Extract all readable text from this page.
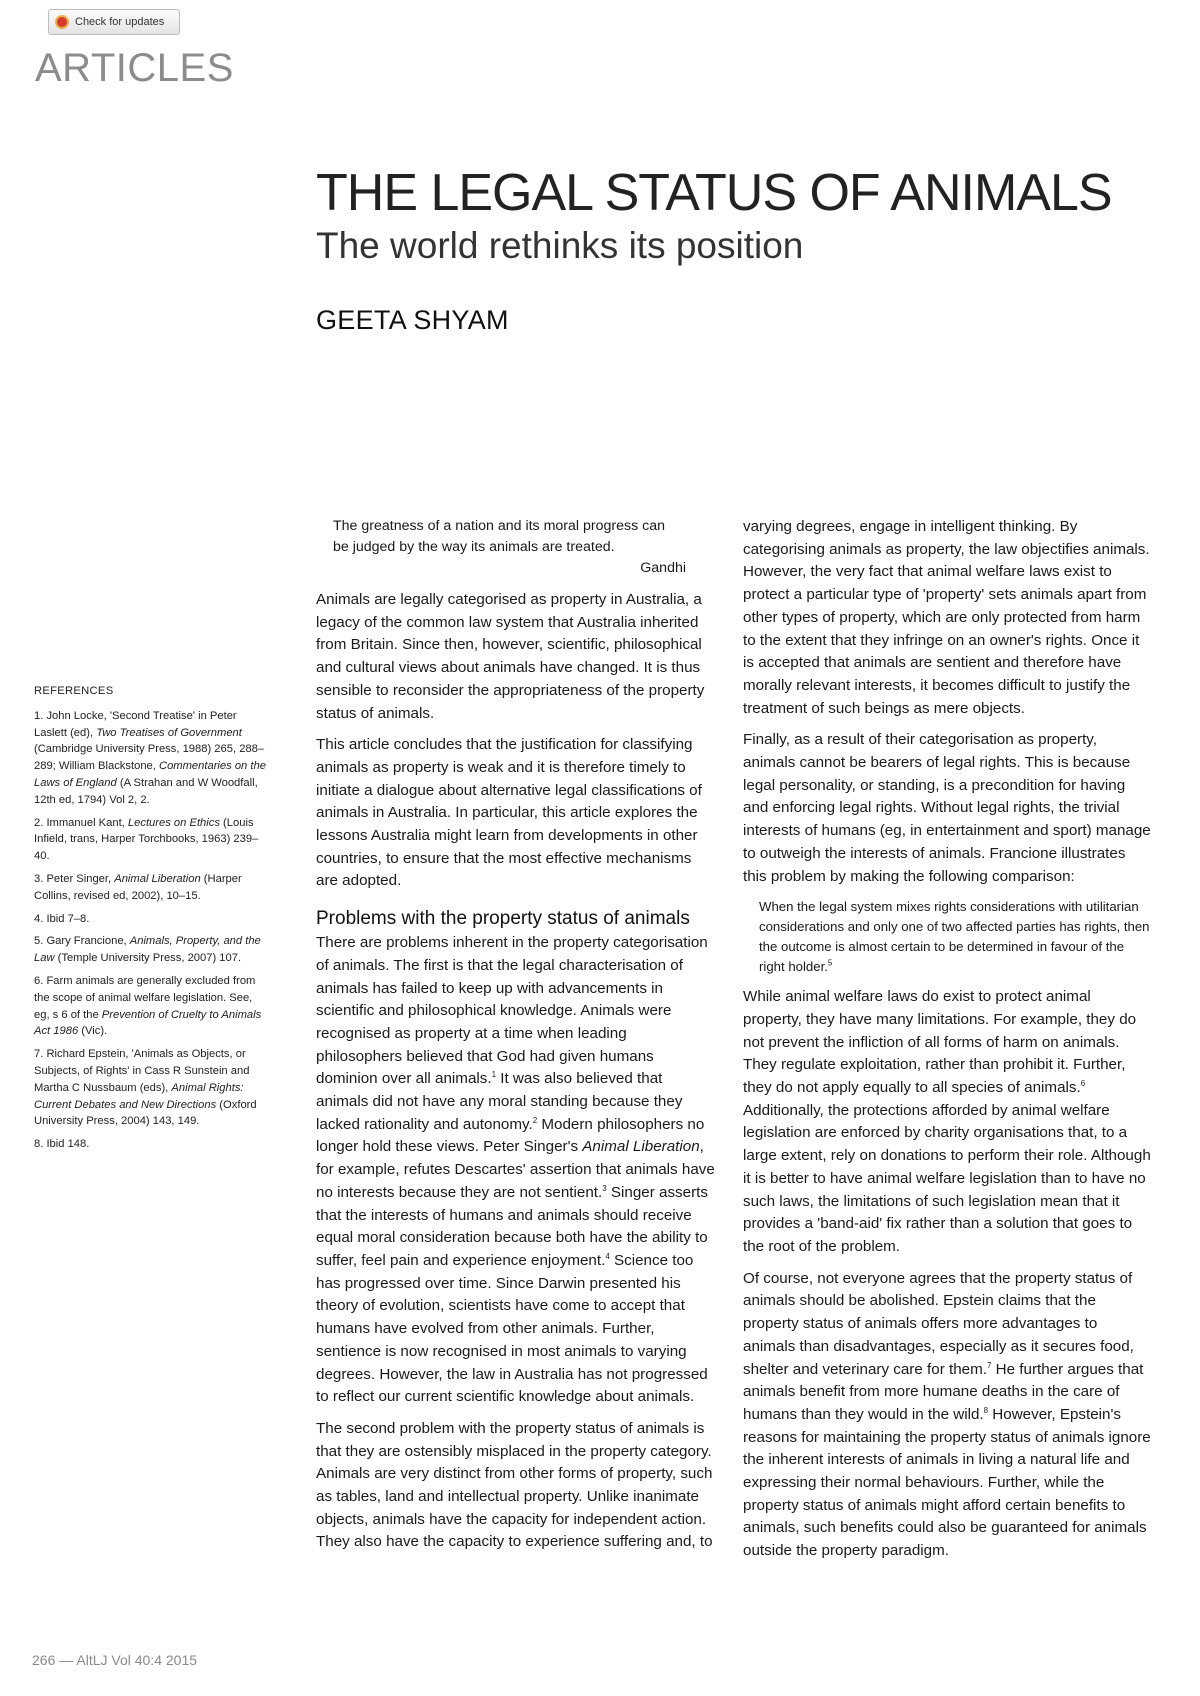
Check for updates
ARTICLES
THE LEGAL STATUS OF ANIMALS
The world rethinks its position
GEETA SHYAM
REFERENCES
1. John Locke, 'Second Treatise' in Peter Laslett (ed), Two Treatises of Government (Cambridge University Press, 1988) 265, 288–289; William Blackstone, Commentaries on the Laws of England (A Strahan and W Woodfall, 12th ed, 1794) Vol 2, 2.
2. Immanuel Kant, Lectures on Ethics (Louis Infield, trans, Harper Torchbooks, 1963) 239–40.
3. Peter Singer, Animal Liberation (Harper Collins, revised ed, 2002), 10–15.
4. Ibid 7–8.
5. Gary Francione, Animals, Property, and the Law (Temple University Press, 2007) 107.
6. Farm animals are generally excluded from the scope of animal welfare legislation. See, eg, s 6 of the Prevention of Cruelty to Animals Act 1986 (Vic).
7. Richard Epstein, 'Animals as Objects, or Subjects, of Rights' in Cass R Sunstein and Martha C Nussbaum (eds), Animal Rights: Current Debates and New Directions (Oxford University Press, 2004) 143, 149.
8. Ibid 148.
The greatness of a nation and its moral progress can
be judged by the way its animals are treated.
Gandhi

Animals are legally categorised as property in Australia, a legacy of the common law system that Australia inherited from Britain. Since then, however, scientific, philosophical and cultural views about animals have changed. It is thus sensible to reconsider the appropriateness of the property status of animals.

This article concludes that the justification for classifying animals as property is weak and it is therefore timely to initiate a dialogue about alternative legal classifications of animals in Australia. In particular, this article explores the lessons Australia might learn from developments in other countries, to ensure that the most effective mechanisms are adopted.

Problems with the property status of animals

There are problems inherent in the property categorisation of animals. The first is that the legal characterisation of animals has failed to keep up with advancements in scientific and philosophical knowledge. Animals were recognised as property at a time when leading philosophers believed that God had given humans dominion over all animals.$^1$ It was also believed that animals did not have any moral standing because they lacked rationality and autonomy.$^2$ Modern philosophers no longer hold these views. Peter Singer's Animal Liberation, for example, refutes Descartes' assertion that animals have no interests because they are not sentient.$^3$ Singer asserts that the interests of humans and animals should receive equal moral consideration because both have the ability to suffer, feel pain and experience enjoyment.$^4$ Science too has progressed over time. Since Darwin presented his theory of evolution, scientists have come to accept that humans have evolved from other animals. Further, sentience is now recognised in most animals to varying degrees. However, the law in Australia has not progressed to reflect our current scientific knowledge about animals.

The second problem with the property status of animals is that they are ostensibly misplaced in the property category. Animals are very distinct from other forms of property, such as tables, land and intellectual property. Unlike inanimate objects, animals have the capacity for independent action. They also have the capacity to experience suffering and, to

varying degrees, engage in intelligent thinking. By categorising animals as property, the law objectifies animals. However, the very fact that animal welfare laws exist to protect a particular type of 'property' sets animals apart from other types of property, which are only protected from harm to the extent that they infringe on an owner's rights. Once it is accepted that animals are sentient and therefore have morally relevant interests, it becomes difficult to justify the treatment of such beings as mere objects.

Finally, as a result of their categorisation as property, animals cannot be bearers of legal rights. This is because legal personality, or standing, is a precondition for having and enforcing legal rights. Without legal rights, the trivial interests of humans (eg, in entertainment and sport) manage to outweigh the interests of animals. Francione illustrates this problem by making the following comparison:

When the legal system mixes rights considerations with utilitarian considerations and only one of two affected parties has rights, then the outcome is almost certain to be determined in favour of the right holder.$^5$

While animal welfare laws do exist to protect animal property, they have many limitations. For example, they do not prevent the infliction of all forms of harm on animals. They regulate exploitation, rather than prohibit it. Further, they do not apply equally to all species of animals.$^6$ Additionally, the protections afforded by animal welfare legislation are enforced by charity organisations that, to a large extent, rely on donations to perform their role. Although it is better to have animal welfare legislation than to have no such laws, the limitations of such legislation mean that it provides a 'band-aid' fix rather than a solution that goes to the root of the problem.

Of course, not everyone agrees that the property status of animals should be abolished. Epstein claims that the property status of animals offers more advantages to animals than disadvantages, especially as it secures food, shelter and veterinary care for them.$^7$ He further argues that animals benefit from more humane deaths in the care of humans than they would in the wild.$^8$ However, Epstein's reasons for maintaining the property status of animals ignore the inherent interests of animals in living a natural life and expressing their normal behaviours. Further, while the property status of animals might afford certain benefits to animals, such benefits could also be guaranteed for animals outside the property paradigm.

266 — AltLJ Vol 40:4 2015
